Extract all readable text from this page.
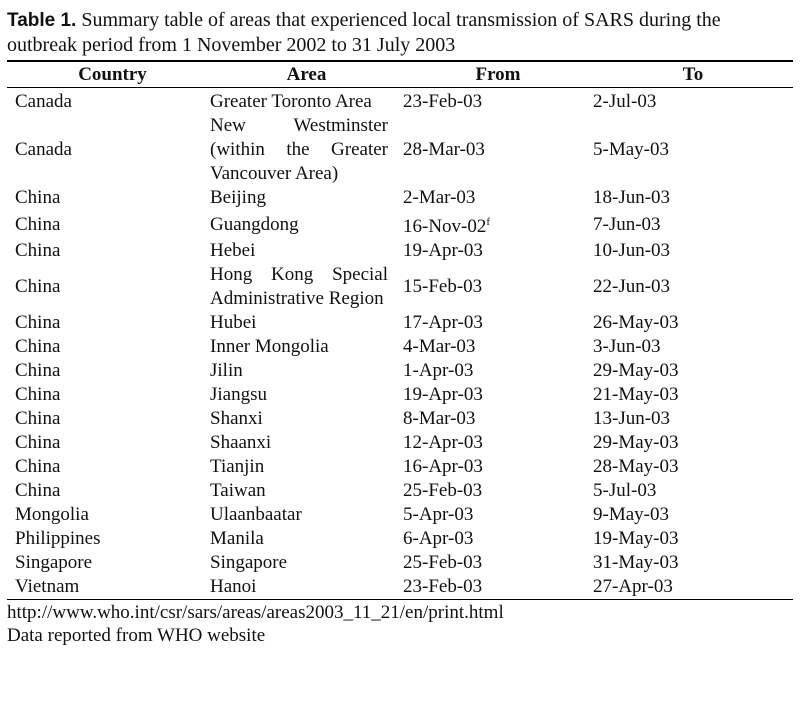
Table 1. Summary table of areas that experienced local transmission of SARS during the outbreak period from 1 November 2002 to 31 July 2003
Country	Area	From	To
Canada	Greater Toronto Area	23-Feb-03	2-Jul-03
Canada	New Westminster (within the Greater Vancouver Area)	28-Mar-03	5-May-03
China	Beijing	2-Mar-03	18-Jun-03
China	Guangdong	16-Nov-02$^f$	7-Jun-03
China	Hebei	19-Apr-03	10-Jun-03
China	Hong Kong Special Administrative Region	15-Feb-03	22-Jun-03
China	Hubei	17-Apr-03	26-May-03
China	Inner Mongolia	4-Mar-03	3-Jun-03
China	Jilin	1-Apr-03	29-May-03
China	Jiangsu	19-Apr-03	21-May-03
China	Shanxi	8-Mar-03	13-Jun-03
China	Shaanxi	12-Apr-03	29-May-03
China	Tianjin	16-Apr-03	28-May-03
China	Taiwan	25-Feb-03	5-Jul-03
Mongolia	Ulaanbaatar	5-Apr-03	9-May-03
Philippines	Manila	6-Apr-03	19-May-03
Singapore	Singapore	25-Feb-03	31-May-03
Vietnam	Hanoi	23-Feb-03	27-Apr-03
http://www.who.int/csr/sars/areas/areas2003_11_21/en/print.html
Data reported from WHO website
